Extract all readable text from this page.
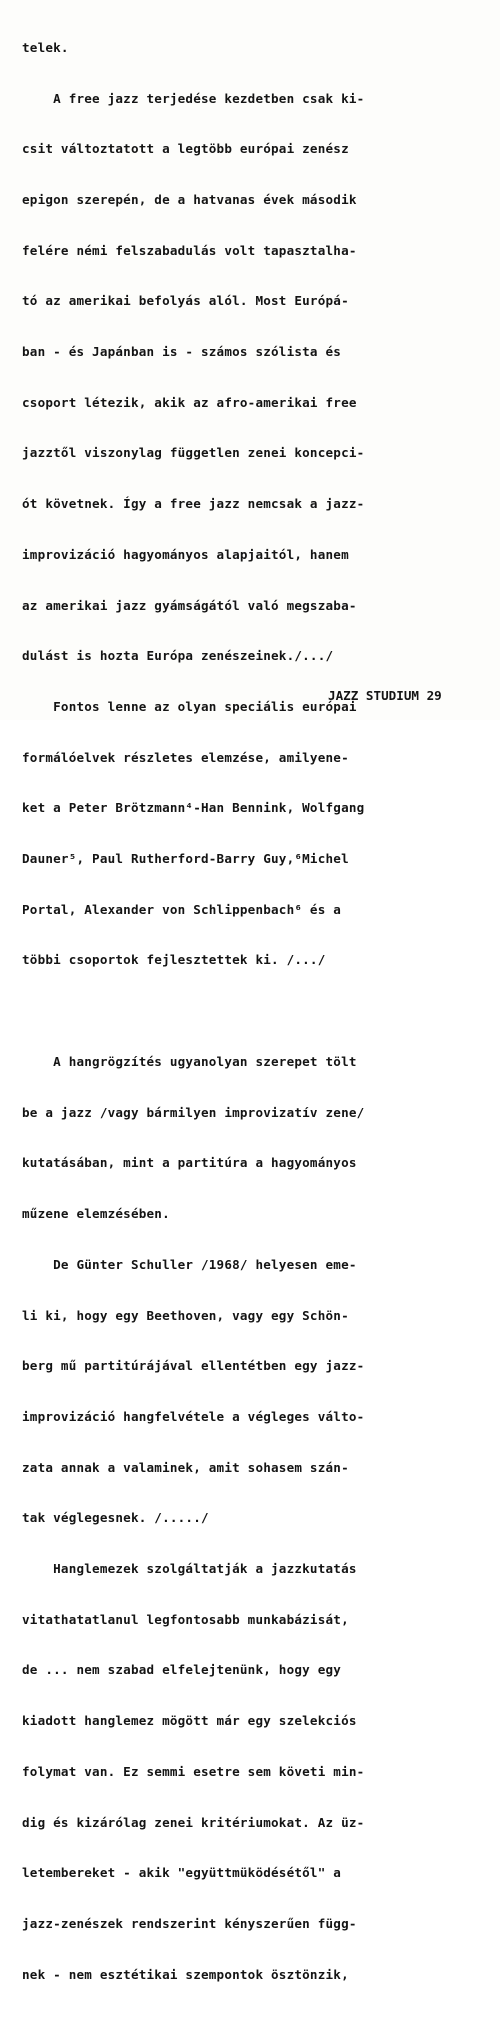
telek.

A free jazz terjedése kezdetben csak ki-

csit változtatott a legtöbb európai zenész

epigon szerepén, de a hatvanas évek második

felére némi felszabadulás volt tapasztalha-

tó az amerikai befolyás alól. Most Európá-

ban - és Japánban is - számos szólista és

csoport létezik, akik az afro-amerikai free

jazztől viszonylag független zenei koncepci-

ót követnek. Így a free jazz nemcsak a jazz-

improvizáció hagyományos alapjaitól, hanem

az amerikai jazz gyámságától való megszaba-

dulást is hozta Európa zenészeinek./.../

Fontos lenne az olyan speciális európai

formálóelvek részletes elemzése, amilyene-

ket a Peter Brötzmann⁴-Han Bennink, Wolfgang

Dauner⁵, Paul Rutherford-Barry Guy,⁶Michel

Portal, Alexander von Schlippenbach⁶ és a

többi csoportok fejlesztettek ki. /.../

A hangrögzítés ugyanolyan szerepet tölt

be a jazz /vagy bármilyen improvizatív zene/

kutatásában, mint a partitúra a hagyományos

műzene elemzésében.

De Günter Schuller /1968/ helyesen eme-

li ki, hogy egy Beethoven, vagy egy Schön-

berg mű partitúrájával ellentétben egy jazz-

improvizáció hangfelvétele a végleges válto-

zata annak a valaminek, amit sohasem szán-

tak véglegesnek. /...../

Hanglemezek szolgáltatják a jazzkutatás

vitathatatlanul legfontosabb munkabázisát,

de ... nem szabad elfelejtenünk, hogy egy

kiadott hanglemez mögött már egy szelekciós

folymat van. Ez semmi esetre sem követi min-

dig és kizárólag zenei kritériumokat. Az üz-

letembereket - akik "együttmüködésétől" a

jazz-zenészek rendszerint kényszerűen függ-

nek - nem esztétikai szempontok ösztönzik,

JAZZ STUDIUM 29
